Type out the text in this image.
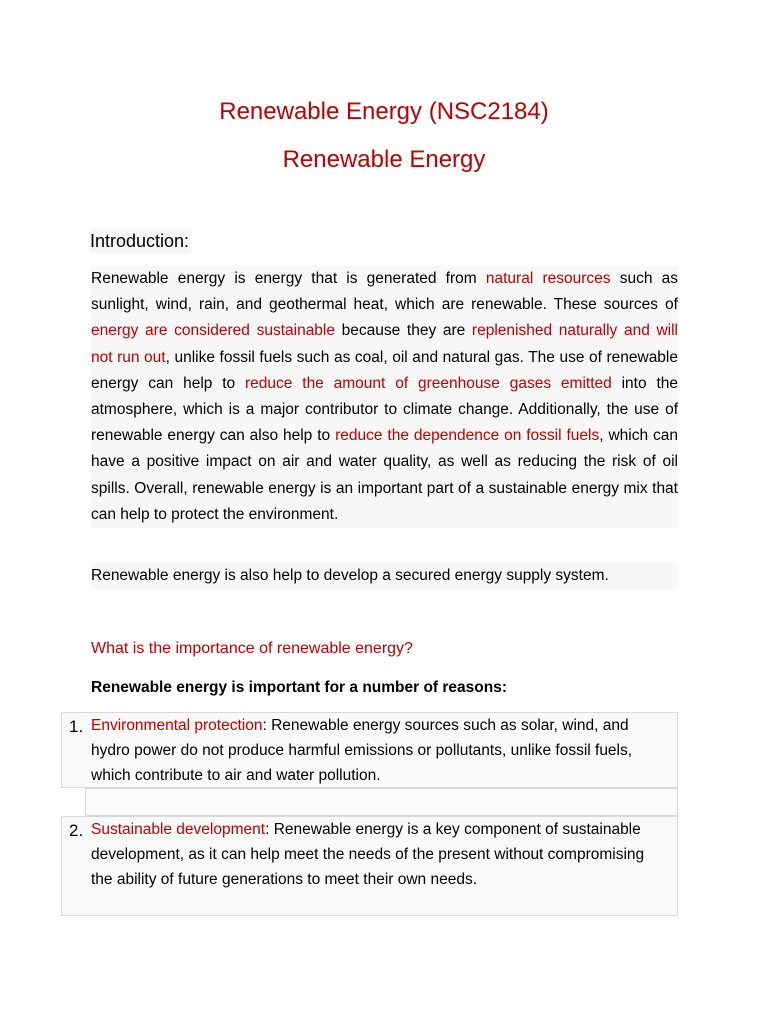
Renewable Energy (NSC2184)
Renewable Energy
Introduction:

Renewable energy is energy that is generated from natural resources such as sunlight, wind, rain, and geothermal heat, which are renewable. These sources of energy are considered sustainable because they are replenished naturally and will not run out, unlike fossil fuels such as coal, oil and natural gas. The use of renewable energy can help to reduce the amount of greenhouse gases emitted into the atmosphere, which is a major contributor to climate change. Additionally, the use of renewable energy can also help to reduce the dependence on fossil fuels, which can have a positive impact on air and water quality, as well as reducing the risk of oil spills. Overall, renewable energy is an important part of a sustainable energy mix that can help to protect the environment.

Renewable energy is also help to develop a secured energy supply system.

What is the importance of renewable energy?

Renewable energy is important for a number of reasons:

1. Environmental protection: Renewable energy sources such as solar, wind, and hydro power do not produce harmful emissions or pollutants, unlike fossil fuels, which contribute to air and water pollution.

2. Sustainable development: Renewable energy is a key component of sustainable development, as it can help meet the needs of the present without compromising the ability of future generations to meet their own needs.
